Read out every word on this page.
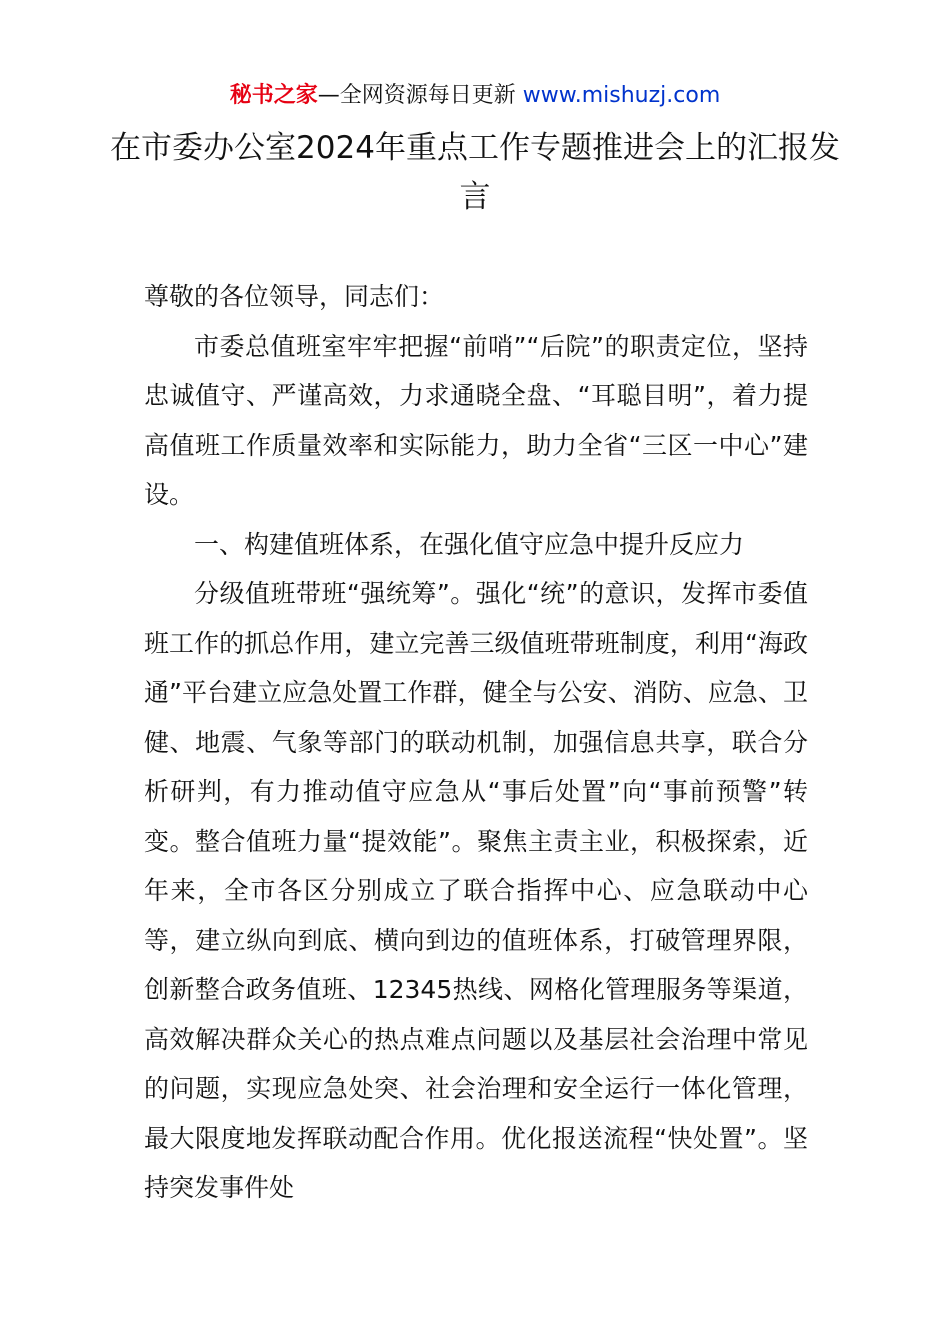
秘书之家—全网资源每日更新 www.mishuzj.com
在市委办公室2024年重点工作专题推进会上的汇报发言

尊敬的各位领导，同志们：

市委总值班室牢牢把握“前哨”“后院”的职责定位，坚持忠诚值守、严谨高效，力求通晓全盘、“耳聪目明”，着力提高值班工作质量效率和实际能力，助力全省“三区一中心”建设。

一、构建值班体系，在强化值守应急中提升反应力

分级值班带班“强统筹”。强化“统”的意识，发挥市委值班工作的抓总作用，建立完善三级值班带班制度，利用“海政通”平台建立应急处置工作群，健全与公安、消防、应急、卫健、地震、气象等部门的联动机制，加强信息共享，联合分析研判，有力推动值守应急从“事后处置”向“事前预警”转变。整合值班力量“提效能”。聚焦主责主业，积极探索，近年来，全市各区分别成立了联合指挥中心、应急联动中心等，建立纵向到底、横向到边的值班体系，打破管理界限，创新整合政务值班、12345热线、网格化管理服务等渠道，高效解决群众关心的热点难点问题以及基层社会治理中常见的问题，实现应急处突、社会治理和安全运行一体化管理，最大限度地发挥联动配合作用。优化报送流程“快处置”。坚持突发事件处
